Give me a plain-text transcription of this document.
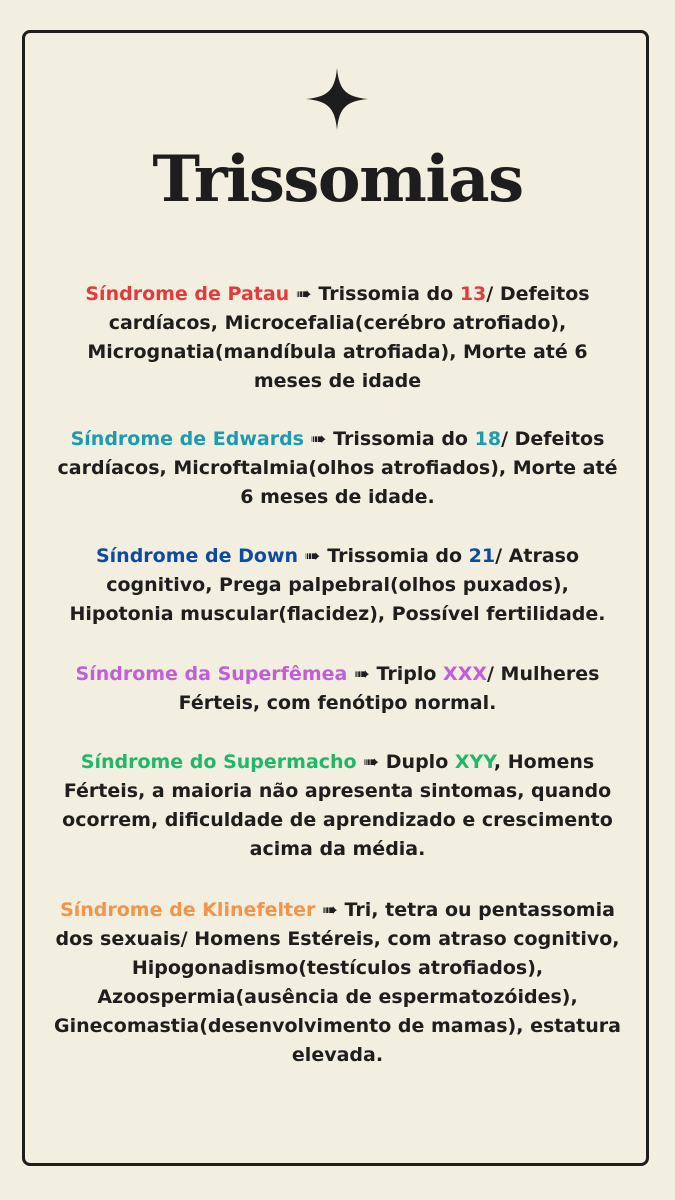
Trissomias

Síndrome de Patau ➠ Trissomia do 13/ Defeitos cardíacos, Microcefalia(cerébro atrofiado), Micrognatia(mandíbula atrofiada), Morte até 6 meses de idade

Síndrome de Edwards ➠ Trissomia do 18/ Defeitos cardíacos, Microftalmia(olhos atrofiados), Morte até 6 meses de idade.

Síndrome de Down ➠ Trissomia do 21/ Atraso cognitivo, Prega palpebral(olhos puxados), Hipotonia muscular(flacidez), Possível fertilidade.

Síndrome da Superfêmea ➠ Triplo XXX/ Mulheres Férteis, com fenótipo normal.

Síndrome do Supermacho ➠ Duplo XYY, Homens Férteis, a maioria não apresenta sintomas, quando ocorrem, dificuldade de aprendizado e crescimento acima da média.

Síndrome de Klinefelter ➠ Tri, tetra ou pentassomia dos sexuais/ Homens Estéreis, com atraso cognitivo, Hipogonadismo(testículos atrofiados), Azoospermia(ausência de espermatozóides), Ginecomastia(desenvolvimento de mamas), estatura elevada.
